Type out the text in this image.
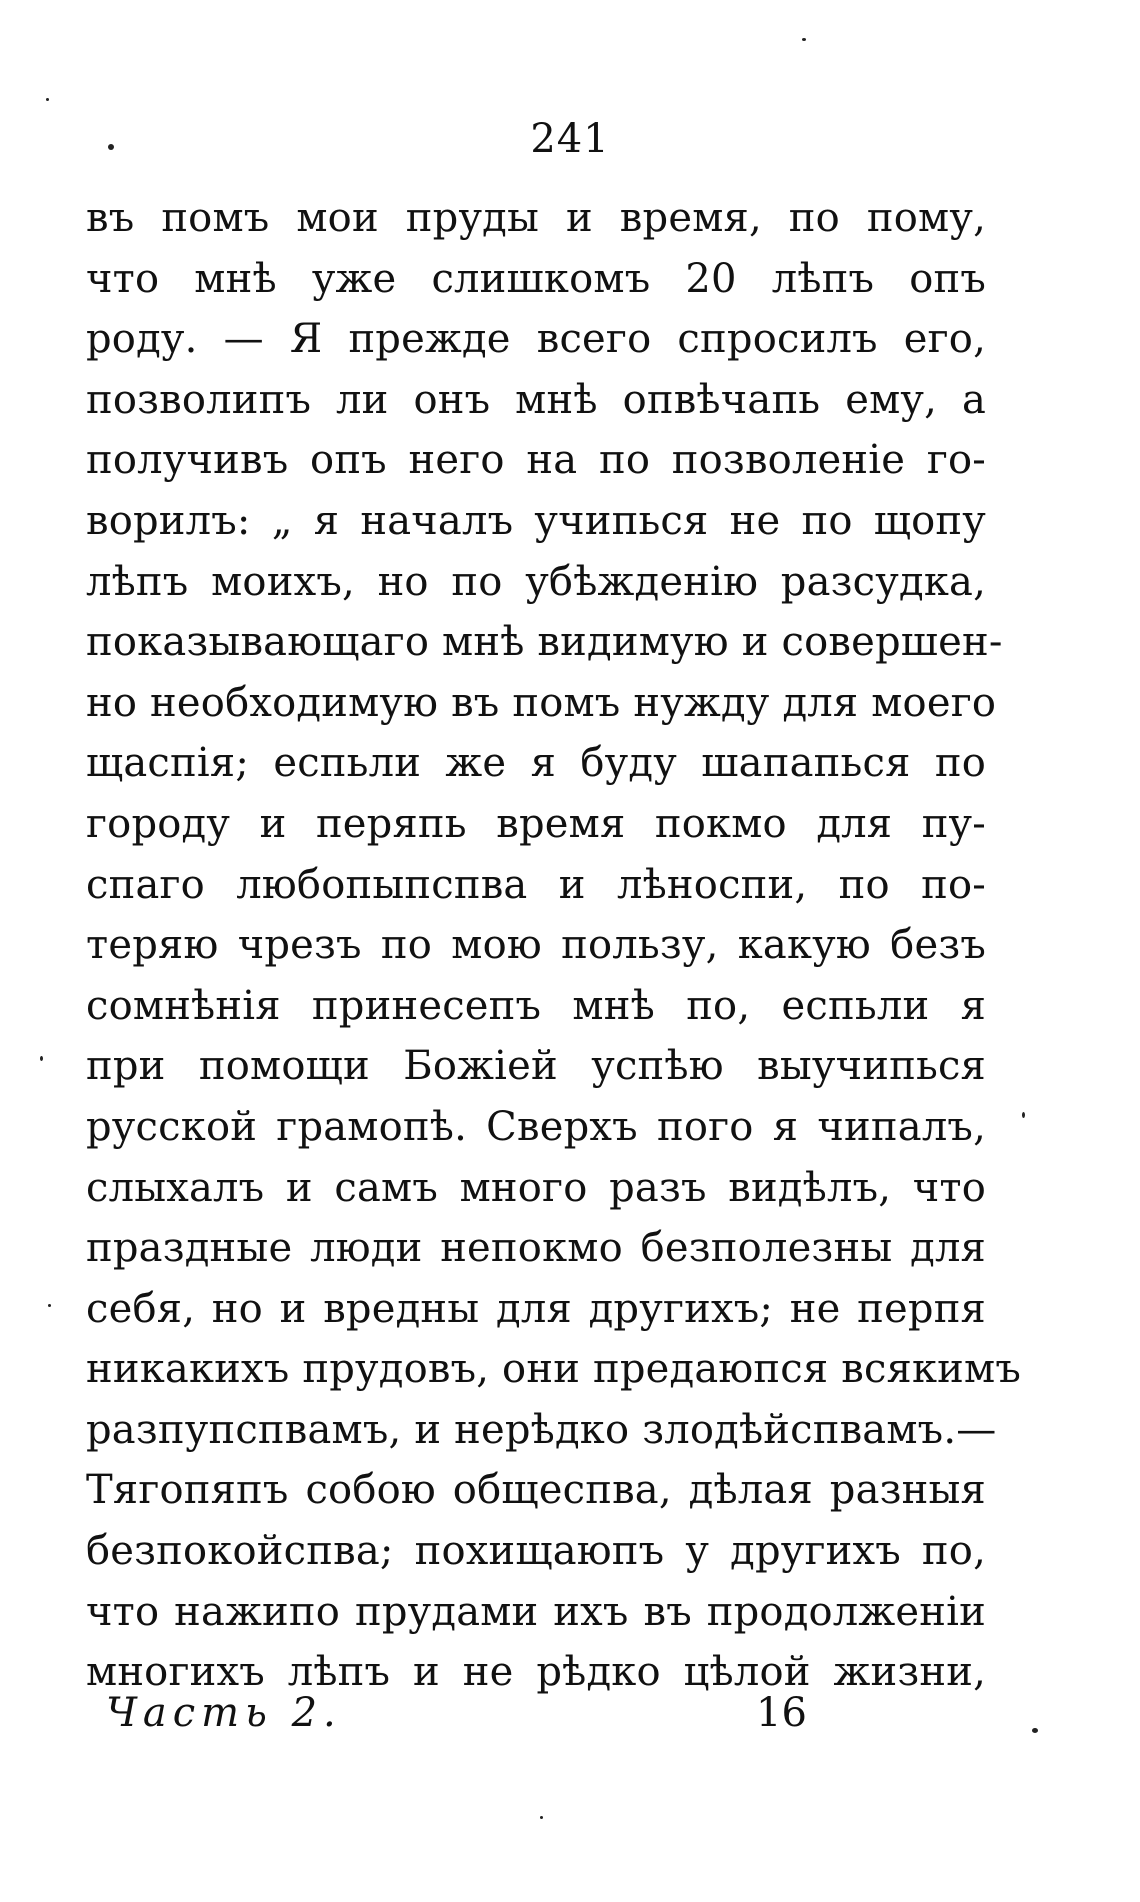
241
въ помъ мои пруды и время, по пому,
что мнѣ уже слишкомъ 20 лѣпъ опъ
роду. — Я прежде всего спросилъ его,
позволипъ ли онъ мнѣ опвѣчапь ему, а
получивъ опъ него на по позволеніе го-
ворилъ: „ я началъ учипься не по щопу
лѣпъ моихъ, но по убѣжденію разсудка,
показывающаго мнѣ видимую и совершен-
но необходимую въ помъ нужду для моего
щаспія; еспьли же я буду шапапься по
городу и перяпь время покмо для пу-
спаго любопыпспва и лѣноспи, по по-
теряю чрезъ по мою пользу, какую безъ
сомнѣнія принесепъ мнѣ по, еспьли я
при помощи Божіей успѣю выучипься
русской грамопѣ. Сверхъ пого я чипалъ,
слыхалъ и самъ много разъ видѣлъ, что
праздные люди непокмо безполезны для
себя, но и вредны для другихъ; не перпя
никакихъ прудовъ, они предаюпся всякимъ
разпупспвамъ, и нерѣдко злодѣйспвамъ.—
Тягопяпъ собою общеспва, дѣлая разныя
безпокойспва; похищаюпъ у другихъ по,
что нажипо прудами ихъ въ продолженіи
многихъ лѣпъ и не рѣдко цѣлой жизни,
Часть 2.	16
